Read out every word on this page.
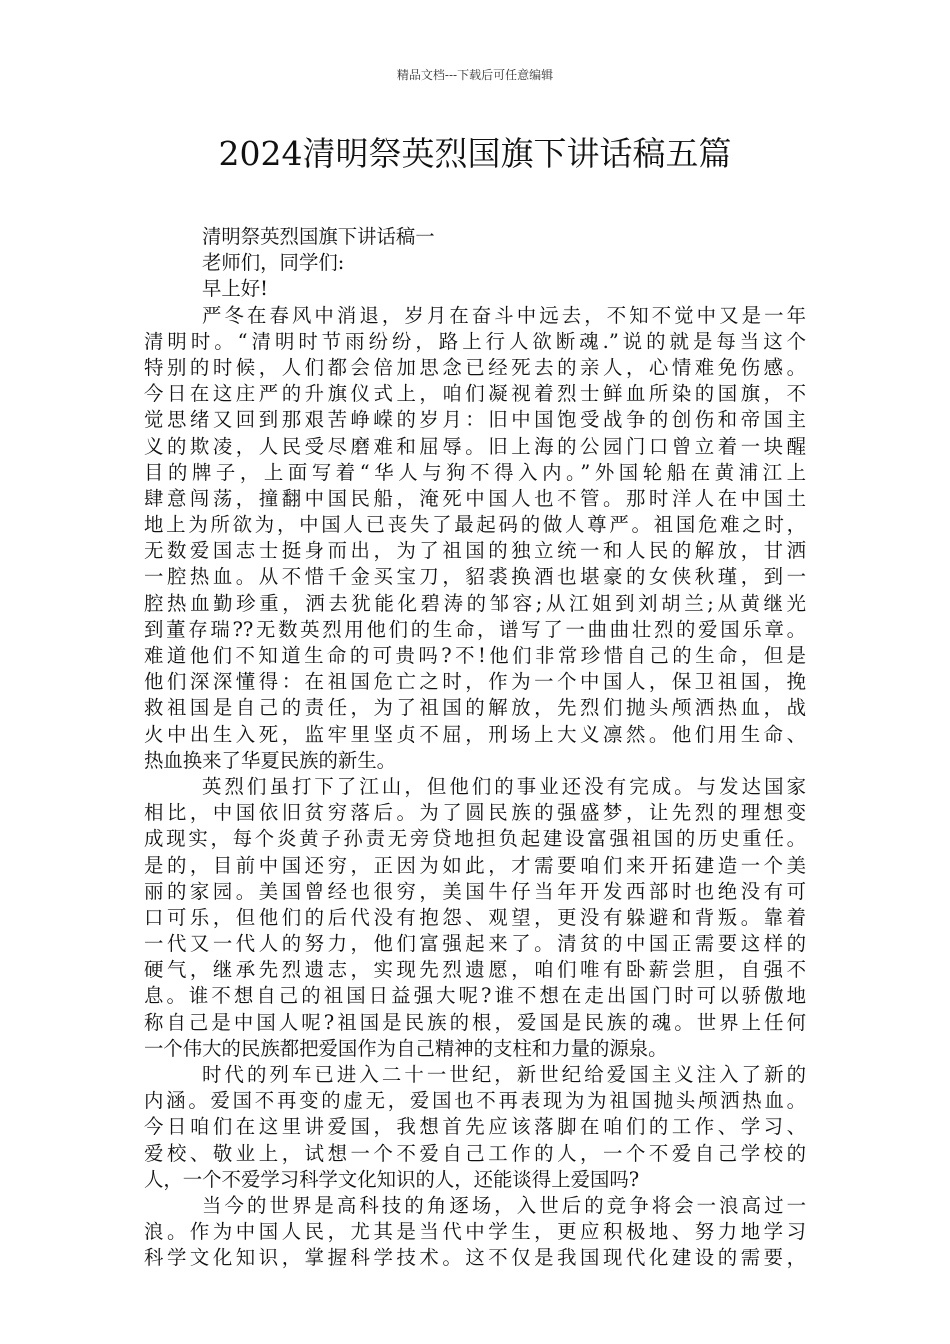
精品文档---下载后可任意编辑
2024清明祭英烈国旗下讲话稿五篇
清明祭英烈国旗下讲话稿一
老师们，同学们:
早上好!
严冬在春风中消退，岁月在奋斗中远去，不知不觉中又是一年
清明时。“清明时节雨纷纷，路上行人欲断魂.”说的就是每当这个
特别的时候，人们都会倍加思念已经死去的亲人，心情难免伤感。
今日在这庄严的升旗仪式上，咱们凝视着烈士鲜血所染的国旗，不
觉思绪又回到那艰苦峥嵘的岁月：旧中国饱受战争的创伤和帝国主
义的欺凌，人民受尽磨难和屈辱。旧上海的公园门口曾立着一块醒
目的牌子，上面写着“华人与狗不得入内。”外国轮船在黄浦江上
肆意闯荡，撞翻中国民船，淹死中国人也不管。那时洋人在中国土
地上为所欲为，中国人已丧失了最起码的做人尊严。祖国危难之时，
无数爱国志士挺身而出，为了祖国的独立统一和人民的解放，甘洒
一腔热血。从不惜千金买宝刀，貂裘换酒也堪豪的女侠秋瑾，到一
腔热血勤珍重，洒去犹能化碧涛的邹容;从江姐到刘胡兰;从黄继光
到董存瑞??无数英烈用他们的生命，谱写了一曲曲壮烈的爱国乐章。
难道他们不知道生命的可贵吗?不!他们非常珍惜自己的生命，但是
他们深深懂得：在祖国危亡之时，作为一个中国人，保卫祖国，挽
救祖国是自己的责任，为了祖国的解放，先烈们抛头颅洒热血，战
火中出生入死，监牢里坚贞不屈，刑场上大义凛然。他们用生命、
热血换来了华夏民族的新生。
英烈们虽打下了江山，但他们的事业还没有完成。与发达国家
相比，中国依旧贫穷落后。为了圆民族的强盛梦，让先烈的理想变
成现实，每个炎黄子孙责无旁贷地担负起建设富强祖国的历史重任。
是的，目前中国还穷，正因为如此，才需要咱们来开拓建造一个美
丽的家园。美国曾经也很穷，美国牛仔当年开发西部时也绝没有可
口可乐，但他们的后代没有抱怨、观望，更没有躲避和背叛。靠着
一代又一代人的努力，他们富强起来了。清贫的中国正需要这样的
硬气，继承先烈遗志，实现先烈遗愿，咱们唯有卧薪尝胆，自强不
息。谁不想自己的祖国日益强大呢?谁不想在走出国门时可以骄傲地
称自己是中国人呢?祖国是民族的根，爱国是民族的魂。世界上任何
一个伟大的民族都把爱国作为自己精神的支柱和力量的源泉。
时代的列车已进入二十一世纪，新世纪给爱国主义注入了新的
内涵。爱国不再变的虚无，爱国也不再表现为为祖国抛头颅洒热血。
今日咱们在这里讲爱国，我想首先应该落脚在咱们的工作、学习、
爱校、敬业上，试想一个不爱自己工作的人，一个不爱自己学校的
人，一个不爱学习科学文化知识的人，还能谈得上爱国吗?
当今的世界是高科技的角逐场，入世后的竞争将会一浪高过一
浪。作为中国人民，尤其是当代中学生，更应积极地、努力地学习
科学文化知识，掌握科学技术。这不仅是我国现代化建设的需要，
